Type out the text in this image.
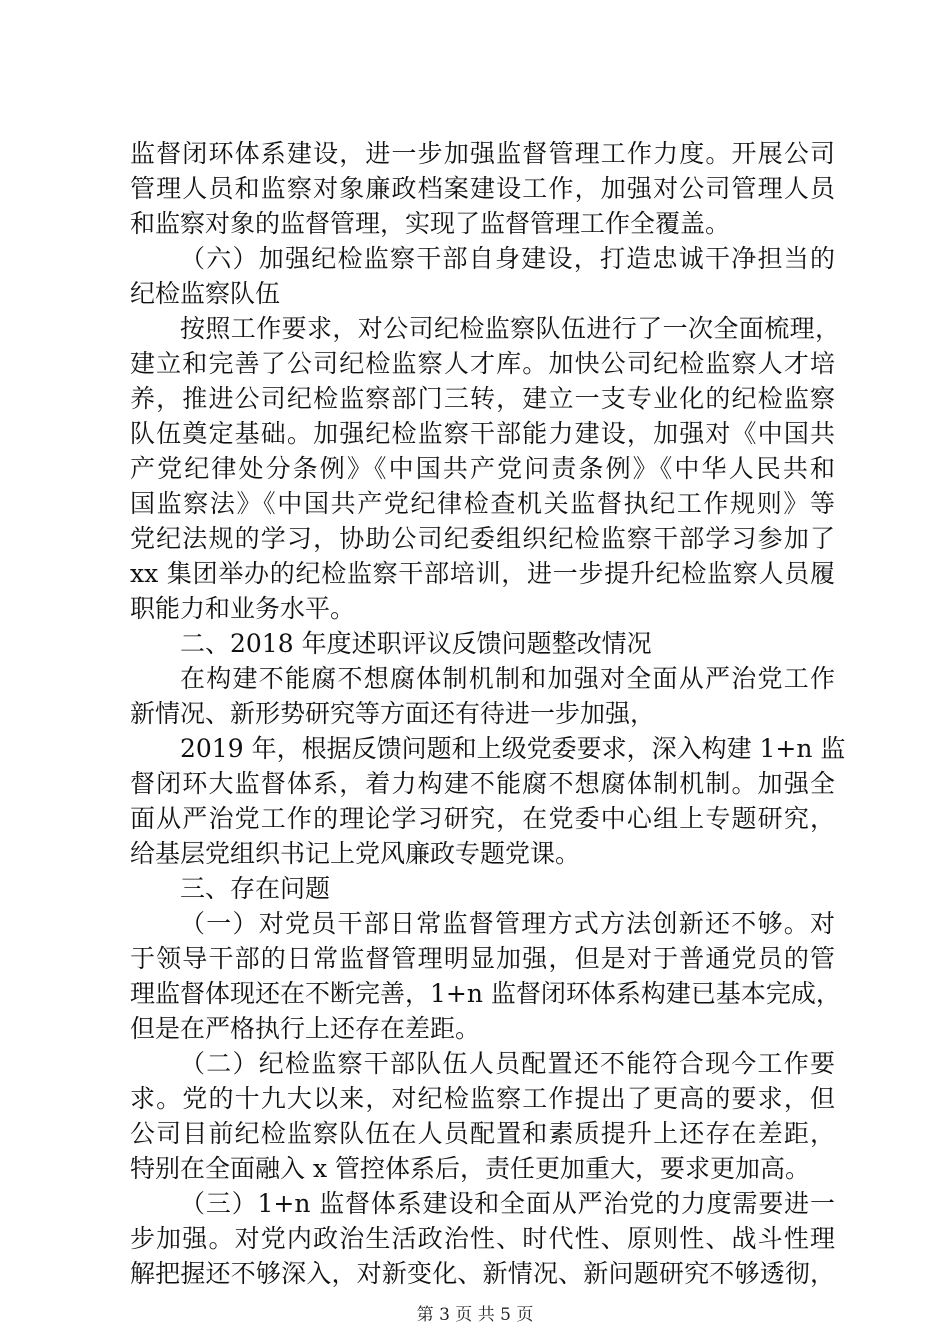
监督闭环体系建设，进一步加强监督管理工作力度。开展公司
管理人员和监察对象廉政档案建设工作，加强对公司管理人员
和监察对象的监督管理，实现了监督管理工作全覆盖。
（六）加强纪检监察干部自身建设，打造忠诚干净担当的
纪检监察队伍
按照工作要求，对公司纪检监察队伍进行了一次全面梳理，
建立和完善了公司纪检监察人才库。加快公司纪检监察人才培
养，推进公司纪检监察部门三转，建立一支专业化的纪检监察
队伍奠定基础。加强纪检监察干部能力建设，加强对《中国共
产党纪律处分条例》《中国共产党问责条例》《中华人民共和
国监察法》《中国共产党纪律检查机关监督执纪工作规则》等
党纪法规的学习，协助公司纪委组织纪检监察干部学习参加了
xx 集团举办的纪检监察干部培训，进一步提升纪检监察人员履
职能力和业务水平。
二、2018 年度述职评议反馈问题整改情况
在构建不能腐不想腐体制机制和加强对全面从严治党工作
新情况、新形势研究等方面还有待进一步加强，
2019 年，根据反馈问题和上级党委要求，深入构建 1+n 监
督闭环大监督体系，着力构建不能腐不想腐体制机制。加强全
面从严治党工作的理论学习研究，在党委中心组上专题研究，
给基层党组织书记上党风廉政专题党课。
三、存在问题
（一）对党员干部日常监督管理方式方法创新还不够。对
于领导干部的日常监督管理明显加强，但是对于普通党员的管
理监督体现还在不断完善，1+n 监督闭环体系构建已基本完成，
但是在严格执行上还存在差距。
（二）纪检监察干部队伍人员配置还不能符合现今工作要
求。党的十九大以来，对纪检监察工作提出了更高的要求，但
公司目前纪检监察队伍在人员配置和素质提升上还存在差距，
特别在全面融入 x 管控体系后，责任更加重大，要求更加高。
（三）1+n 监督体系建设和全面从严治党的力度需要进一
步加强。对党内政治生活政治性、时代性、原则性、战斗性理
解把握还不够深入，对新变化、新情况、新问题研究不够透彻，
第 3 页 共 5 页
